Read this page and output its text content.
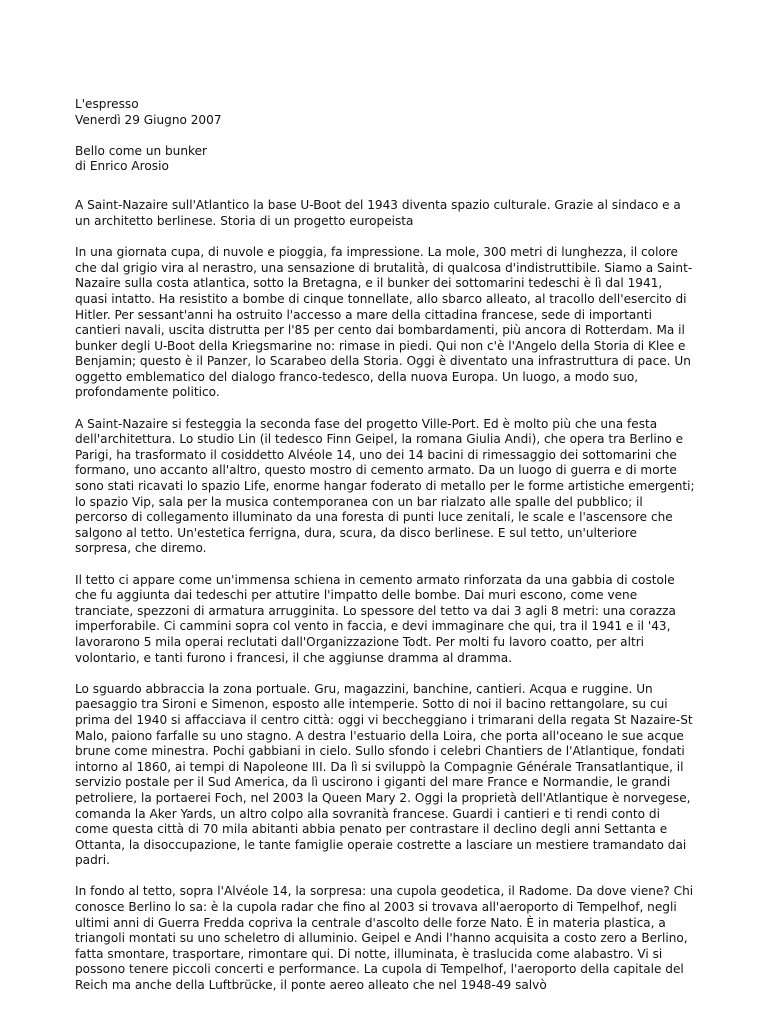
L'espresso
Venerdì 29 Giugno 2007
Bello come un bunker
di Enrico Arosio
A Saint-Nazaire sull'Atlantico la base U-Boot del 1943 diventa spazio culturale. Grazie al sindaco e a un architetto berlinese. Storia di un progetto europeista
In una giornata cupa, di nuvole e pioggia, fa impressione. La mole, 300 metri di lunghezza, il colore che dal grigio vira al nerastro, una sensazione di brutalità, di qualcosa d'indistruttibile. Siamo a Saint-Nazaire sulla costa atlantica, sotto la Bretagna, e il bunker dei sottomarini tedeschi è lì dal 1941, quasi intatto. Ha resistito a bombe di cinque tonnellate, allo sbarco alleato, al tracollo dell'esercito di Hitler. Per sessant'anni ha ostruito l'accesso a mare della cittadina francese, sede di importanti cantieri navali, uscita distrutta per l'85 per cento dai bombardamenti, più ancora di Rotterdam. Ma il bunker degli U-Boot della Kriegsmarine no: rimase in piedi. Qui non c'è l'Angelo della Storia di Klee e Benjamin; questo è il Panzer, lo Scarabeo della Storia. Oggi è diventato una infrastruttura di pace. Un oggetto emblematico del dialogo franco-tedesco, della nuova Europa. Un luogo, a modo suo, profondamente politico.
A Saint-Nazaire si festeggia la seconda fase del progetto Ville-Port. Ed è molto più che una festa dell'architettura. Lo studio Lin (il tedesco Finn Geipel, la romana Giulia Andi), che opera tra Berlino e Parigi, ha trasformato il cosiddetto Alvéole 14, uno dei 14 bacini di rimessaggio dei sottomarini che formano, uno accanto all'altro, questo mostro di cemento armato. Da un luogo di guerra e di morte sono stati ricavati lo spazio Life, enorme hangar foderato di metallo per le forme artistiche emergenti; lo spazio Vip, sala per la musica contemporanea con un bar rialzato alle spalle del pubblico; il percorso di collegamento illuminato da una foresta di punti luce zenitali, le scale e l'ascensore che salgono al tetto. Un'estetica ferrigna, dura, scura, da disco berlinese. E sul tetto, un'ulteriore sorpresa, che diremo.
Il tetto ci appare come un'immensa schiena in cemento armato rinforzata da una gabbia di costole che fu aggiunta dai tedeschi per attutire l'impatto delle bombe. Dai muri escono, come vene tranciate, spezzoni di armatura arrugginita. Lo spessore del tetto va dai 3 agli 8 metri: una corazza imperforabile. Ci cammini sopra col vento in faccia, e devi immaginare che qui, tra il 1941 e il '43, lavorarono 5 mila operai reclutati dall'Organizzazione Todt. Per molti fu lavoro coatto, per altri volontario, e tanti furono i francesi, il che aggiunse dramma al dramma.
Lo sguardo abbraccia la zona portuale. Gru, magazzini, banchine, cantieri. Acqua e ruggine. Un paesaggio tra Sironi e Simenon, esposto alle intemperie. Sotto di noi il bacino rettangolare, su cui prima del 1940 si affacciava il centro città: oggi vi beccheggiano i trimarani della regata St Nazaire-St Malo, paiono farfalle su uno stagno. A destra l'estuario della Loira, che porta all'oceano le sue acque brune come minestra. Pochi gabbiani in cielo. Sullo sfondo i celebri Chantiers de l'Atlantique, fondati intorno al 1860, ai tempi di Napoleone III. Da lì si sviluppò la Compagnie Générale Transatlantique, il servizio postale per il Sud America, da lì uscirono i giganti del mare France e Normandie, le grandi petroliere, la portaerei Foch, nel 2003 la Queen Mary 2. Oggi la proprietà dell'Atlantique è norvegese, comanda la Aker Yards, un altro colpo alla sovranità francese. Guardi i cantieri e ti rendi conto di come questa città di 70 mila abitanti abbia penato per contrastare il declino degli anni Settanta e Ottanta, la disoccupazione, le tante famiglie operaie costrette a lasciare un mestiere tramandato dai padri.
In fondo al tetto, sopra l'Alvéole 14, la sorpresa: una cupola geodetica, il Radome. Da dove viene? Chi conosce Berlino lo sa: è la cupola radar che fino al 2003 si trovava all'aeroporto di Tempelhof, negli ultimi anni di Guerra Fredda copriva la centrale d'ascolto delle forze Nato. È in materia plastica, a triangoli montati su uno scheletro di alluminio. Geipel e Andi l'hanno acquisita a costo zero a Berlino, fatta smontare, trasportare, rimontare qui. Di notte, illuminata, è traslucida come alabastro. Vi si possono tenere piccoli concerti e performance. La cupola di Tempelhof, l'aeroporto della capitale del Reich ma anche della Luftbrücke, il ponte aereo alleato che nel 1948-49 salvò
